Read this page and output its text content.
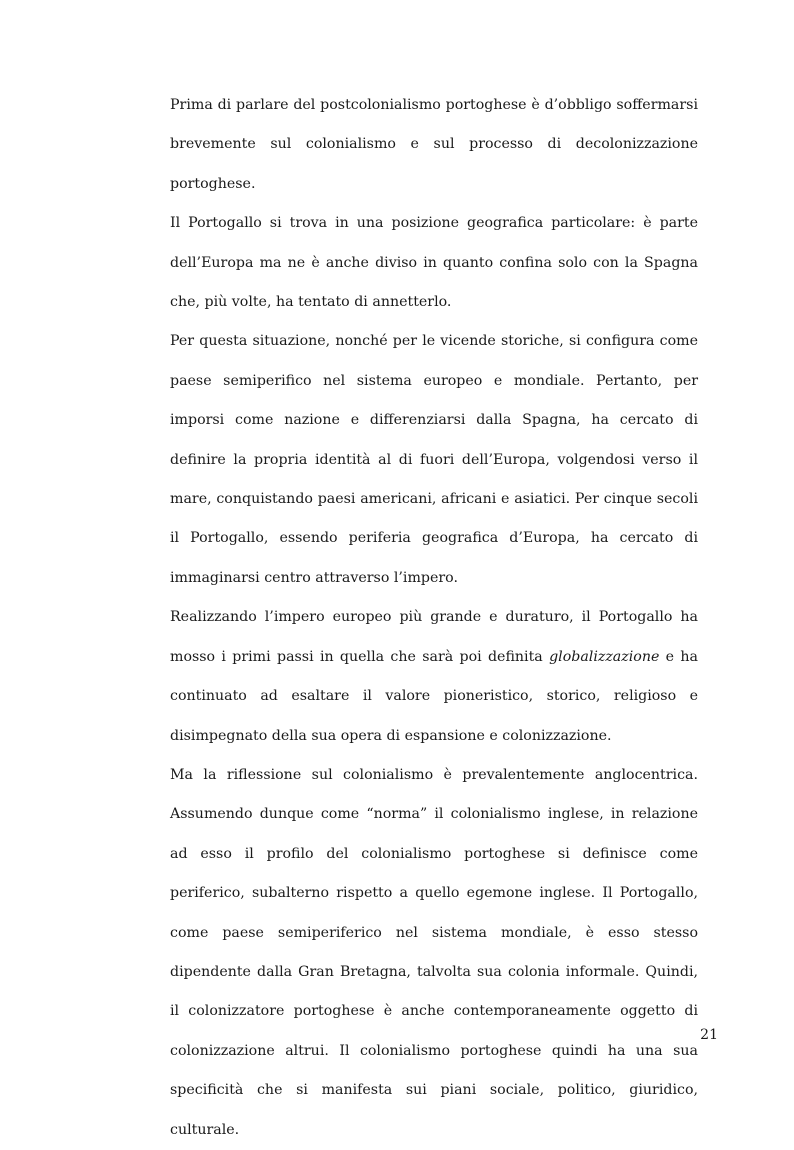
Prima di parlare del postcolonialismo portoghese è d’obbligo soffermarsi brevemente sul colonialismo e sul processo di decolonizzazione portoghese.

Il Portogallo si trova in una posizione geografica particolare: è parte dell’Europa ma ne è anche diviso in quanto confina solo con la Spagna che, più volte, ha tentato di annetterlo.

Per questa situazione, nonché per le vicende storiche, si configura come paese semiperifico nel sistema europeo e mondiale. Pertanto, per imporsi come nazione e differenziarsi dalla Spagna, ha cercato di definire la propria identità al di fuori dell’Europa, volgendosi verso il mare, conquistando paesi americani, africani e asiatici. Per cinque secoli il Portogallo, essendo periferia geografica d’Europa, ha cercato di immaginarsi centro attraverso l’impero.

Realizzando l’impero europeo più grande e duraturo, il Portogallo ha mosso i primi passi in quella che sarà poi definita globalizzazione e ha continuato ad esaltare il valore pioneristico, storico, religioso e disimpegnato della sua opera di espansione e colonizzazione.

Ma la riflessione sul colonialismo è prevalentemente anglocentrica. Assumendo dunque come “norma” il colonialismo inglese, in relazione ad esso il profilo del colonialismo portoghese si definisce come periferico, subalterno rispetto a quello egemone inglese. Il Portogallo, come paese semiperiferico nel sistema mondiale, è esso stesso dipendente dalla Gran Bretagna, talvolta sua colonia informale. Quindi, il colonizzatore portoghese è anche contemporaneamente oggetto di colonizzazione altrui. Il colonialismo portoghese quindi ha una sua specificità che si manifesta sui piani sociale, politico, giuridico, culturale.

21
